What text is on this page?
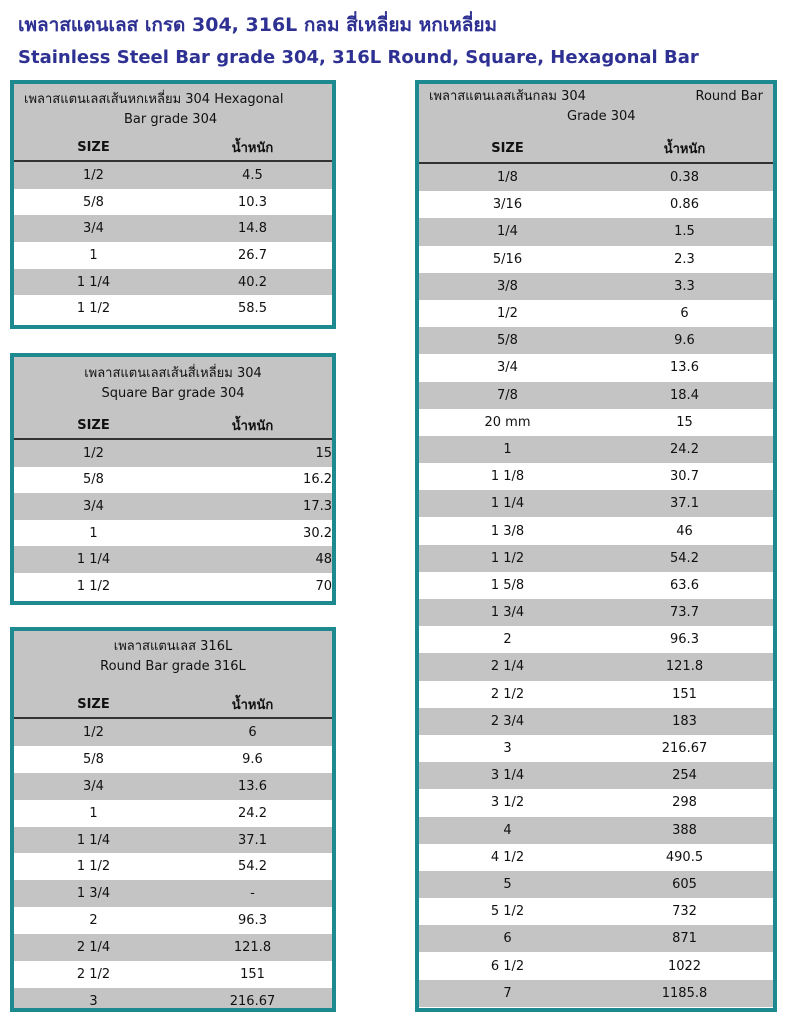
เพลาสแตนเลส เกรด 304, 316L กลม สี่เหลี่ยม หกเหลี่ยม
Stainless Steel Bar grade 304, 316L Round, Square, Hexagonal Bar
เพลาสแตนเลสเส้นหกเหลี่ยม 304 Hexagonal
Bar grade 304
SIZE	น้ำหนัก
1/2	4.5
5/8	10.3
3/4	14.8
1	26.7
1 1/4	40.2
1 1/2	58.5
เพลาสแตนเลสเส้นสี่เหลี่ยม 304
Square Bar grade 304
SIZE	น้ำหนัก
1/2	15
5/8	16.2
3/4	17.3
1	30.2
1 1/4	48
1 1/2	70
เพลาสแตนเลส 316L
Round Bar grade 316L
SIZE	น้ำหนัก
1/2	6
5/8	9.6
3/4	13.6
1	24.2
1 1/4	37.1
1 1/2	54.2
1 3/4	-
2	96.3
2 1/4	121.8
2 1/2	151
3	216.67
เพลาสแตนเลสเส้นกลม 304	Round Bar
Grade 304
SIZE	น้ำหนัก
1/8	0.38
3/16	0.86
1/4	1.5
5/16	2.3
3/8	3.3
1/2	6
5/8	9.6
3/4	13.6
7/8	18.4
20 mm	15
1	24.2
1 1/8	30.7
1 1/4	37.1
1 3/8	46
1 1/2	54.2
1 5/8	63.6
1 3/4	73.7
2	96.3
2 1/4	121.8
2 1/2	151
2 3/4	183
3	216.67
3 1/4	254
3 1/2	298
4	388
4 1/2	490.5
5	605
5 1/2	732
6	871
6 1/2	1022
7	1185.8
